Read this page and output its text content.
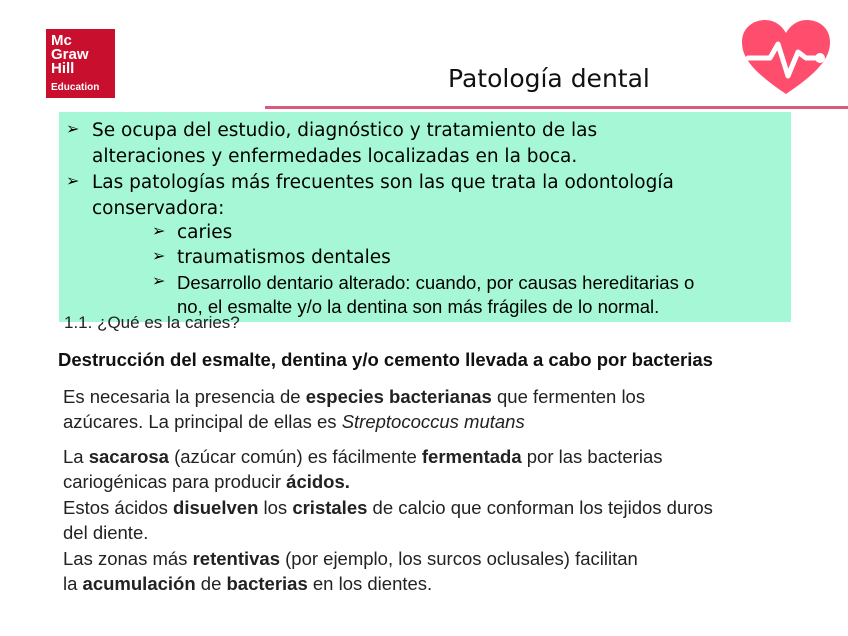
Mc
Graw
Hill
Education	Patología dental
➢ Se ocupa del estudio, diagnóstico y tratamiento de las
alteraciones y enfermedades localizadas en la boca.
➢ Las patologías más frecuentes son las que trata la odontología
conservadora:
➢ caries
➢ traumatismos dentales
➢ Desarrollo dentario alterado: cuando, por causas hereditarias o
no, el esmalte y/o la dentina son más frágiles de lo normal.
1.1. ¿Qué es la caries?
Destrucción del esmalte, dentina y/o cemento llevada a cabo por bacterias
Es necesaria la presencia de especies bacterianas que fermenten los
azúcares. La principal de ellas es Streptococcus mutans
La sacarosa (azúcar común) es fácilmente fermentada por las bacterias
cariogénicas para producir ácidos.
Estos ácidos disuelven los cristales de calcio que conforman los tejidos duros
del diente.
Las zonas más retentivas (por ejemplo, los surcos oclusales) facilitan
la acumulación de bacterias en los dientes.
